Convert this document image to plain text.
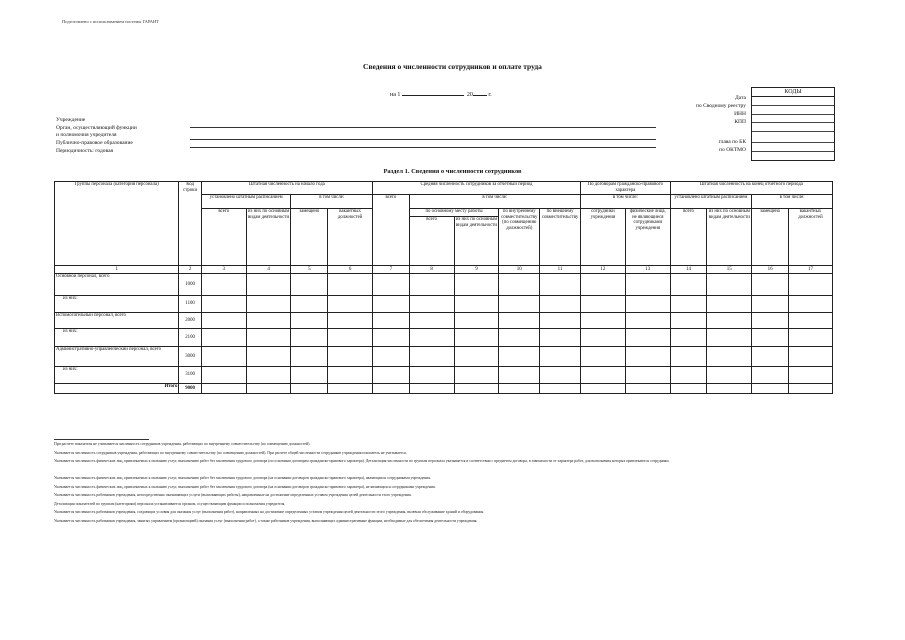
Подготовлено с использованием системы ГАРАНТ
Сведения о численности сотрудников и оплате труда
на 1	20	г.
Учреждение
Орган, осуществляющий функции
и полномочия учредителя
Публично-правовое образование
Периодичность: годовая
Дата
по Сводному реестру
ИНН
КПП
глава по БК
по ОКТМО
КОДЫ
Раздел 1. Сведения о численности сотрудников
Группы персонала (категория персонала)	Код строки	Штатная численность на начало года				Средняя численность сотрудников за отчетный период					По договорам гражданско-правового характера		Штатная численность на конец отчетного периода			
		установлено штатным расписанием		в том числе:		всего	в том числе:				в том числе:		установлено штатным расписанием		в том числе:	
		всего	из них по основным видам деятельности	замещено	вакантных должностей		по основному месту работы		по внутреннему совместительству (по совмещению должностей)	по внешнему совместительству	сотрудники учреждения	физические лица, не являющиеся сотрудниками учреждения	всего	из них по основным видам деятельности	замещено	вакантных должностей
							всего	из них по основным видам деятельности								
1	2	3	4	5	6	7	8	9	10	11	12	13	14	15	16	17
Основной персонал, всего	1000															
из них:	1100															
Вспомогательный персонал, всего	2000															
из них:	2100															
Административно-управленческий персонал, всего	3000															
из них:	3100															
Итого	9000															
При расчете показателя не учитывается численность сотрудников учреждения, работающих по внутреннему совместительству (по совмещению должностей).
Указывается численность сотрудников учреждения, работающих по внутреннему совместительству (по совмещению должностей). При расчете общей численности сотрудников учреждения показатель не учитывается.
Указывается численность физических лиц, привлекаемых к оказанию услуг, выполнению работ без заключения трудового договора (по основным договорам гражданско-правового характера). Детализация численности по группам персонала указывается в соответствии с предметом договора, в зависимости от характера работ, для выполнения которых привлекаются сотрудники.
Указывается численность физических лиц, привлекаемых к оказанию услуг, выполнению работ без заключения трудового договора (на основании договоров гражданско-правового характера), являющихся сотрудниками учреждения.
Указывается численность физических лиц, привлекаемых к оказанию услуг, выполнению работ без заключения трудового договора (на основании договоров гражданско-правового характера), не являющихся сотрудниками учреждения.
Указывается численность работников учреждения, непосредственно оказывающих услуги (выполняющих работы), направленные на достижение определенных уставом учреждения целей деятельности этого учреждения.
Детализация показателей по группам (категориям) персонала устанавливается органом, осуществляющим функции и полномочия учредителя.
Указывается численность работников учреждения, создающих условия для оказания услуг (выполнения работ), направленных на достижение определенных уставом учреждения целей деятельности этого учреждения, включая обслуживание зданий и оборудования.
Указывается численность работников учреждения, занятых управлением (организацией) оказания услуг (выполнения работ), а также работников учреждения, выполняющих административные функции, необходимые для обеспечения деятельности учреждения.
